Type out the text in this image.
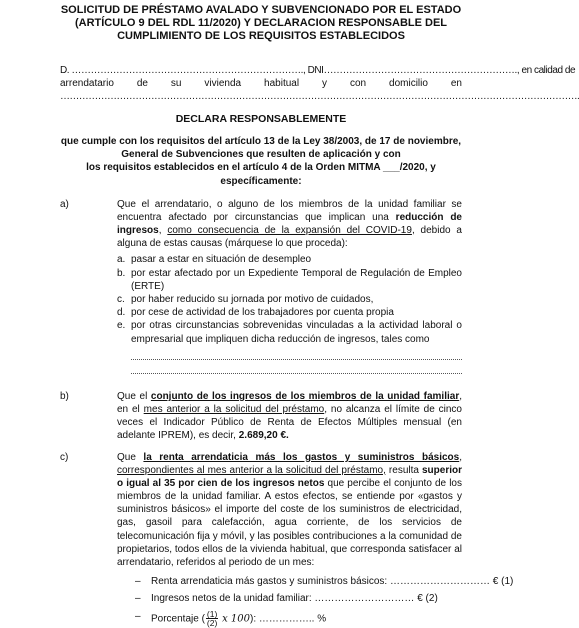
SOLICITUD DE PRÉSTAMO AVALADO Y SUBVENCIONADO POR EL ESTADO
(ARTÍCULO 9 DEL RDL 11/2020) Y DECLARACION RESPONSABLE DEL
CUMPLIMIENTO DE LOS REQUISITOS ESTABLECIDOS
D. ………………………………………………………………., DNI……………………………………………………., en calidad de
arrendatario de su vivienda habitual y con domicilio en
………………………………………………………………………………………………………………………………………………….
DECLARA RESPONSABLEMENTE
que cumple con los requisitos del artículo 13 de la Ley 38/2003, de 17 de noviembre,
General de Subvenciones que resulten de aplicación y con
los requisitos establecidos en el artículo 4 de la Orden MITMA ___/2020, y
específicamente:
a)	Que el arrendatario, o alguno de los miembros de la unidad familiar se encuentra afectado por circunstancias que implican una reducción de ingresos, como consecuencia de la expansión del COVID-19, debido a alguna de estas causas (márquese lo que proceda):

a. pasar a estar en situación de desempleo
b. por estar afectado por un Expediente Temporal de Regulación de Empleo (ERTE)
c. por haber reducido su jornada por motivo de cuidados,
d. por cese de actividad de los trabajadores por cuenta propia
e. por otras circunstancias sobrevenidas vinculadas a la actividad laboral o empresarial que impliquen dicha reducción de ingresos, tales como
b)	Que el conjunto de los ingresos de los miembros de la unidad familiar, en el mes anterior a la solicitud del préstamo, no alcanza el límite de cinco veces el Indicador Público de Renta de Efectos Múltiples mensual (en adelante IPREM), es decir, 2.689,20 €.

c)	Que la renta arrendaticia más los gastos y suministros básicos, correspondientes al mes anterior a la solicitud del préstamo, resulta superior o igual al 35 por cien de los ingresos netos que percibe el conjunto de los miembros de la unidad familiar. A estos efectos, se entiende por «gastos y suministros básicos» el importe del coste de los suministros de electricidad, gas, gasoil para calefacción, agua corriente, de los servicios de telecomunicación fija y móvil, y las posibles contribuciones a la comunidad de propietarios, todos ellos de la vivienda habitual, que corresponda satisfacer al arrendatario, referidos al periodo de un mes:

– Renta arrendaticia más gastos y suministros básicos: ………………………… € (1)
– Ingresos netos de la unidad familiar: ………………………… € (2)
– Porcentaje ( $\frac{(1)}{(2)}$ x 100): …………….. %
